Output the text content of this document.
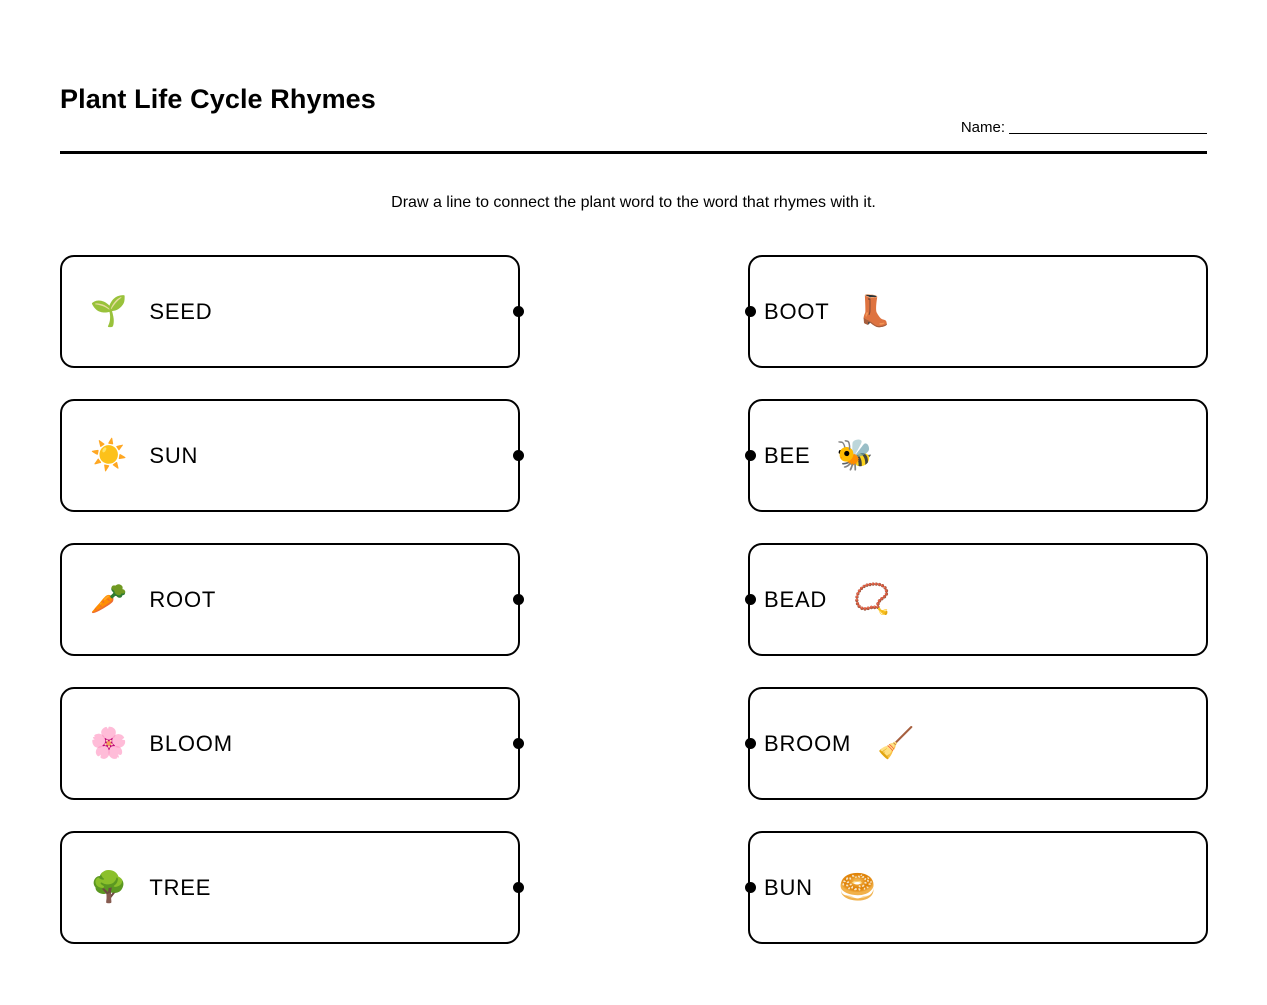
Plant Life Cycle Rhymes
Name:
Draw a line to connect the plant word to the word that rhymes with it.
🌱 SEED	BOOT 👢
☀️ SUN	BEE 🐝
🥕 ROOT	BEAD 📿
🌸 BLOOM	BROOM 🧹
🌳 TREE	BUN 🥯
